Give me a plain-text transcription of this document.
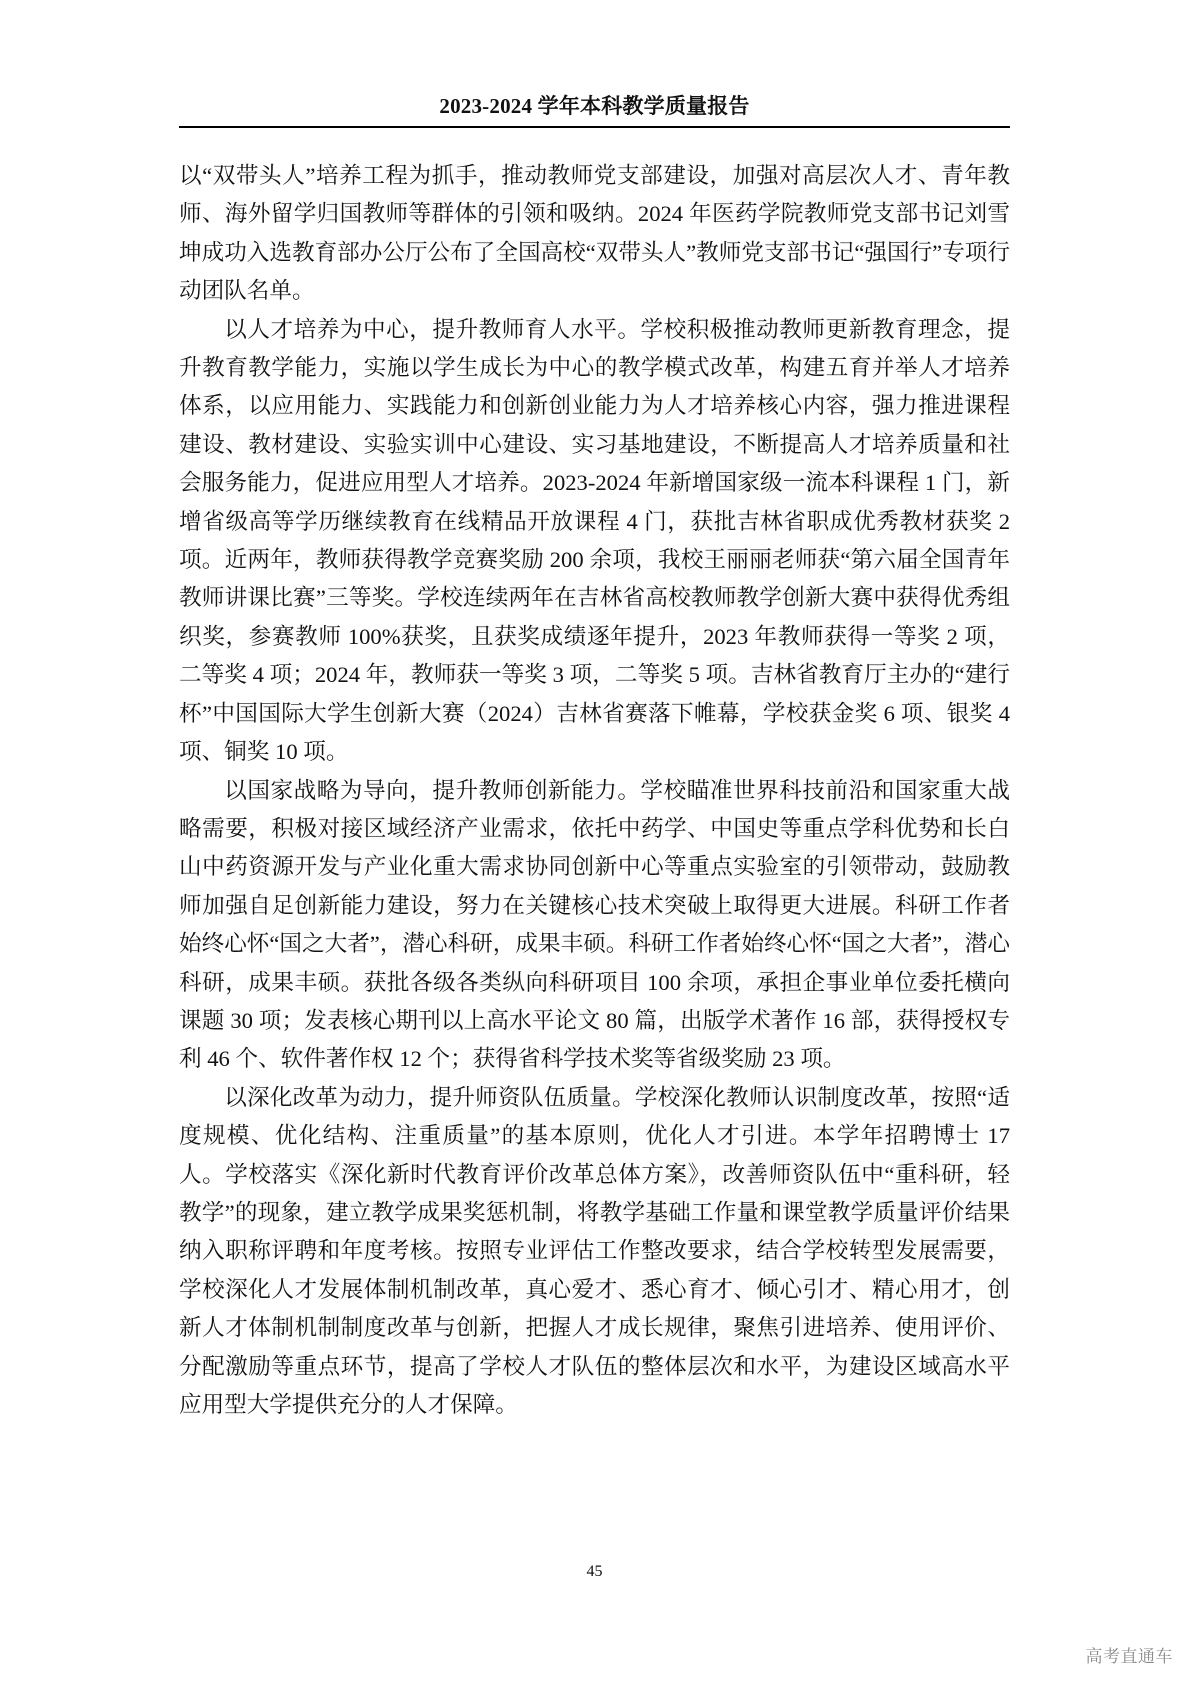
2023-2024 学年本科教学质量报告

以“双带头人”培养工程为抓手，推动教师党支部建设，加强对高层次人才、青年教师、海外留学归国教师等群体的引领和吸纳。2024 年医药学院教师党支部书记刘雪坤成功入选教育部办公厅公布了全国高校“双带头人”教师党支部书记“强国行”专项行动团队名单。

以人才培养为中心，提升教师育人水平。学校积极推动教师更新教育理念，提升教育教学能力，实施以学生成长为中心的教学模式改革，构建五育并举人才培养体系，以应用能力、实践能力和创新创业能力为人才培养核心内容，强力推进课程建设、教材建设、实验实训中心建设、实习基地建设，不断提高人才培养质量和社会服务能力，促进应用型人才培养。2023-2024 年新增国家级一流本科课程 1 门，新增省级高等学历继续教育在线精品开放课程 4 门，获批吉林省职成优秀教材获奖 2 项。近两年，教师获得教学竞赛奖励 200 余项，我校王丽丽老师获“第六届全国青年教师讲课比赛”三等奖。学校连续两年在吉林省高校教师教学创新大赛中获得优秀组织奖，参赛教师 100%获奖，且获奖成绩逐年提升，2023 年教师获得一等奖 2 项，二等奖 4 项；2024 年，教师获一等奖 3 项，二等奖 5 项。吉林省教育厅主办的“建行杯”中国国际大学生创新大赛（2024）吉林省赛落下帷幕，学校获金奖 6 项、银奖 4 项、铜奖 10 项。

以国家战略为导向，提升教师创新能力。学校瞄准世界科技前沿和国家重大战略需要，积极对接区域经济产业需求，依托中药学、中国史等重点学科优势和长白山中药资源开发与产业化重大需求协同创新中心等重点实验室的引领带动，鼓励教师加强自足创新能力建设，努力在关键核心技术突破上取得更大进展。科研工作者始终心怀“国之大者”，潜心科研，成果丰硕。科研工作者始终心怀“国之大者”，潜心科研，成果丰硕。获批各级各类纵向科研项目 100 余项，承担企事业单位委托横向课题 30 项；发表核心期刊以上高水平论文 80 篇，出版学术著作 16 部，获得授权专利 46 个、软件著作权 12 个；获得省科学技术奖等省级奖励 23 项。

以深化改革为动力，提升师资队伍质量。学校深化教师认识制度改革，按照“适度规模、优化结构、注重质量”的基本原则，优化人才引进。本学年招聘博士 17 人。学校落实《深化新时代教育评价改革总体方案》，改善师资队伍中“重科研，轻教学”的现象，建立教学成果奖惩机制，将教学基础工作量和课堂教学质量评价结果纳入职称评聘和年度考核。按照专业评估工作整改要求，结合学校转型发展需要，学校深化人才发展体制机制改革，真心爱才、悉心育才、倾心引才、精心用才，创新人才体制机制制度改革与创新，把握人才成长规律，聚焦引进培养、使用评价、分配激励等重点环节，提高了学校人才队伍的整体层次和水平，为建设区域高水平应用型大学提供充分的人才保障。

45
高考直通车
